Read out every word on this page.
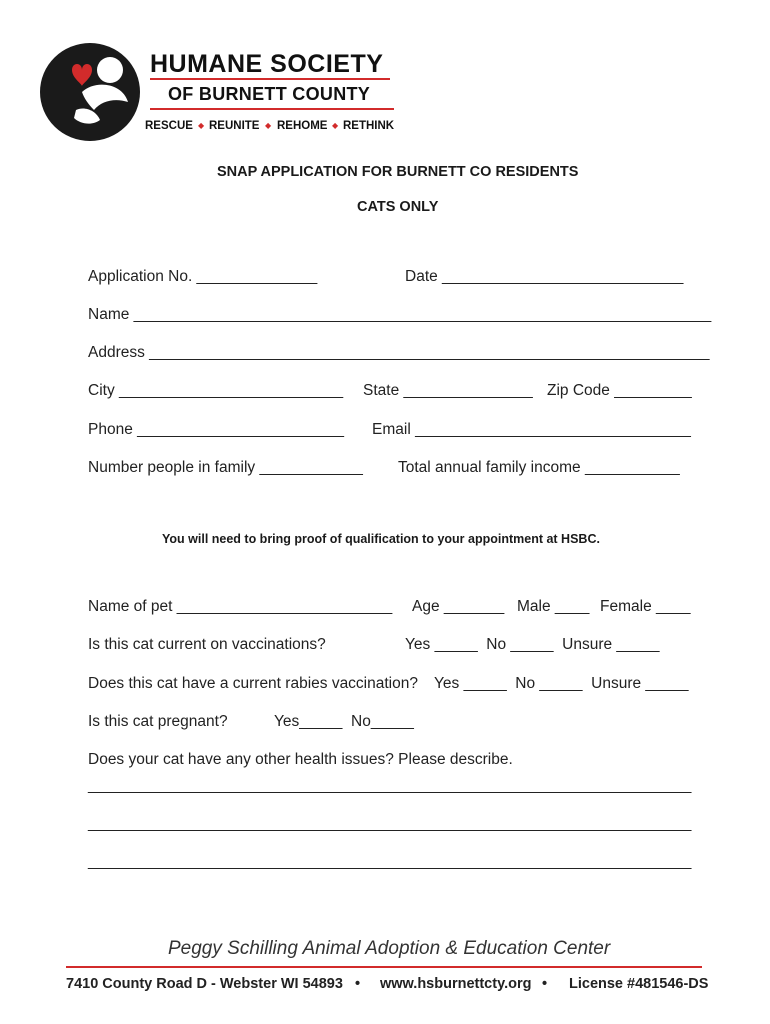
HUMANE SOCIETY
OF BURNETT COUNTY
RESCUE ◆ REUNITE ◆ REHOME ◆ RETHINK
SNAP APPLICATION FOR BURNETT CO RESIDENTS
CATS ONLY
Application No. ______________	Date ____________________________
Name ___________________________________________________________________
Address _________________________________________________________________
City __________________________ State _______________ Zip Code _________
Phone ________________________ Email ________________________________
Number people in family ____________ Total annual family income ___________
You will need to bring proof of qualification to your appointment at HSBC.
Name of pet _________________________ Age _______ Male ____ Female ____
Is this cat current on vaccinations?	Yes _____  No _____  Unsure _____
Does this cat have a current rabies vaccination? Yes _____  No _____  Unsure _____
Is this cat pregnant?	Yes_____  No_____
Does your cat have any other health issues? Please describe.
______________________________________________________________________
______________________________________________________________________
______________________________________________________________________
Peggy Schilling Animal Adoption & Education Center
7410 County Road D - Webster WI 54893 • www.hsburnettcty.org • License #481546-DS
